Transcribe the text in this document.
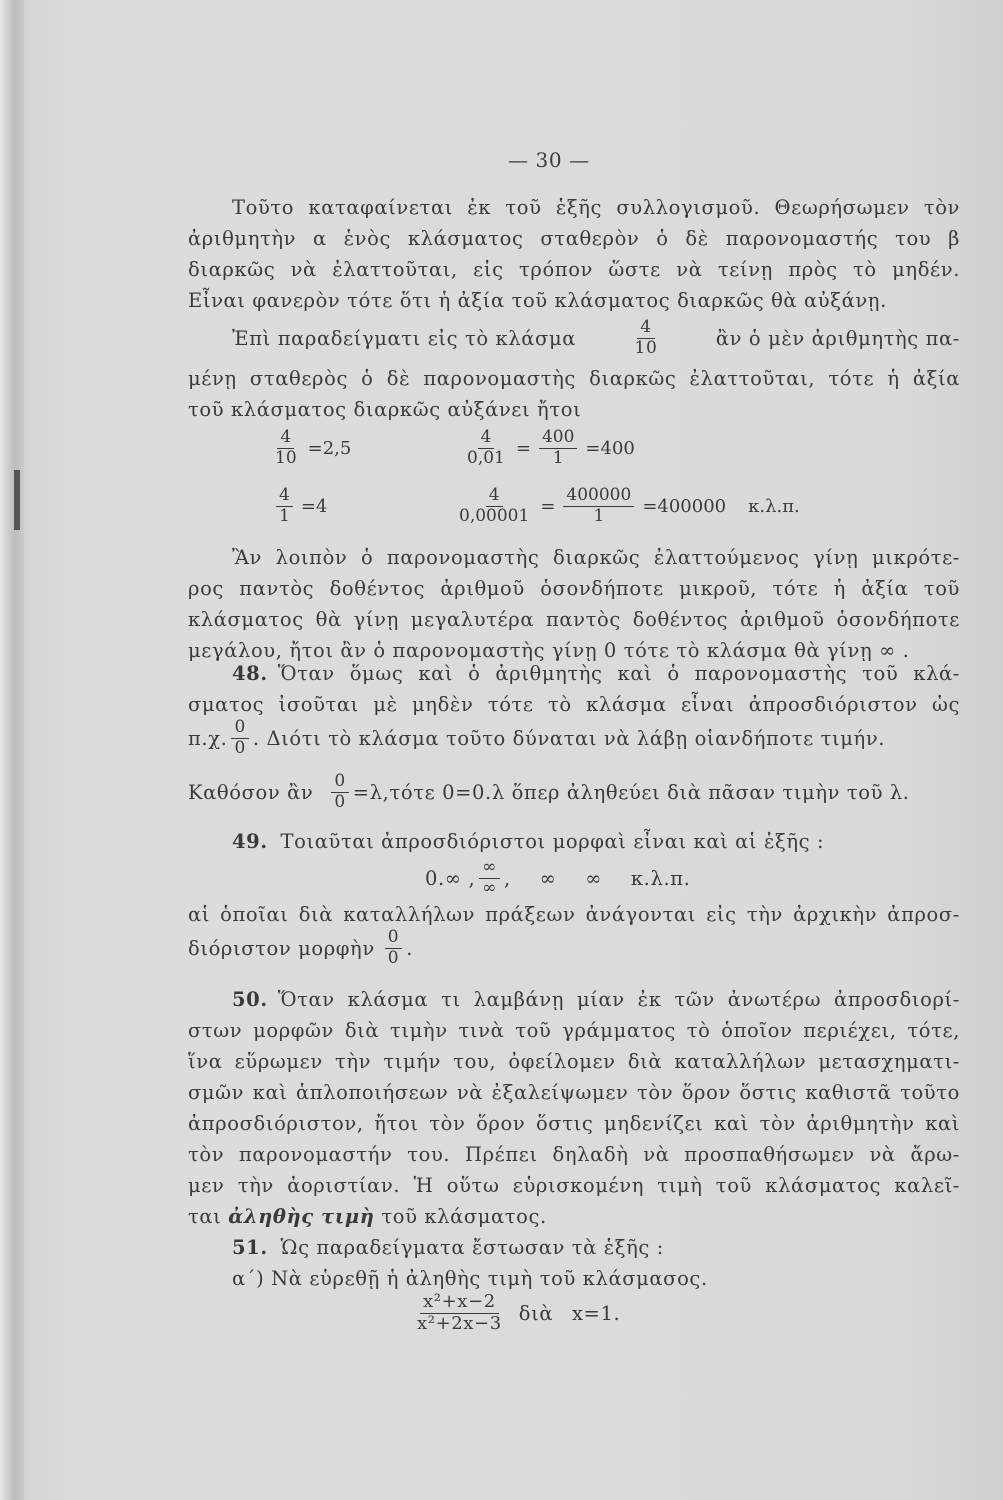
— 30 —
Τοῦτο καταφαίνεται ἐκ τοῦ ἑξῆς συλλογισμοῦ. Θεωρήσωμεν τὸν
ἀριθμητὴν α ἑνὸς κλάσματος σταθερὸν ὁ δὲ παρονομαστής του β
διαρκῶς νὰ ἐλαττοῦται, εἰς τρόπον ὥστε νὰ τείνῃ πρὸς τὸ μηδέν.
Εἶναι φανερὸν τότε ὅτι ἡ ἀξία τοῦ κλάσματος διαρκῶς θὰ αὐξάνῃ.
Ἐπὶ παραδείγματι εἰς τὸ κλάσμα	$\frac{4}{10}$	ἂν ὁ μὲν ἀριθμητὴς πα-
μένῃ σταθερὸς ὁ δὲ παρονομαστὴς διαρκῶς ἐλαττοῦται, τότε ἡ ἀξία
τοῦ κλάσματος διαρκῶς αὐξάνει ἤτοι
$\frac{4}{10} =2,5$	$\frac{4}{0,01} = \frac{400}{1} =400$
$\frac{4}{1} =4$	$\frac{4}{0,00001} = \frac{400000}{1} =400000$ κ.λ.π.
Ἂν λοιπὸν ὁ παρονομαστὴς διαρκῶς ἐλαττούμενος γίνῃ μικρότε-
ρος παντὸς δοθέντος ἀριθμοῦ ὁσονδήποτε μικροῦ, τότε ἡ ἀξία τοῦ
κλάσματος θὰ γίνῃ μεγαλυτέρα παντὸς δοθέντος ἀριθμοῦ ὁσονδήποτε
μεγάλου, ἤτοι ἂν ὁ παρονομαστὴς γίνῃ 0 τότε τὸ κλάσμα θὰ γίνῃ ∞ .
48. Ὅταν ὅμως καὶ ὁ ἀριθμητὴς καὶ ὁ παρονομαστὴς τοῦ κλά-
σματος ἰσοῦται μὲ μηδὲν τότε τὸ κλάσμα εἶναι ἀπροσδιόριστον ὡς
π.χ. $\frac{0}{0}$ . Διότι τὸ κλάσμα τοῦτο δύναται νὰ λάβῃ οἱανδήποτε τιμήν.
Καθόσον ἂν $\frac{0}{0} =\lambda,\tau ό\tau\varepsilon$ 0=0.λ ὅπερ ἀληθεύει διὰ πᾶσαν τιμὴν τοῦ λ.
49. Τοιαῦται ἀπροσδιόριστοι μορφαὶ εἶναι καὶ αἱ ἑξῆς :
0.∞ , $\frac{\infty}{\infty}$ , ∞ ∞ κ.λ.π.
αἱ ὁποῖαι διὰ καταλλήλων πράξεων ἀνάγονται εἰς τὴν ἀρχικὴν ἀπροσ-
διόριστον μορφὴν $\frac{0}{0}$ .
50. Ὅταν κλάσμα τι λαμβάνῃ μίαν ἐκ τῶν ἀνωτέρω ἀπροσδιορί-
στων μορφῶν διὰ τιμὴν τινὰ τοῦ γράμματος τὸ ὁποῖον περιέχει, τότε,
ἵνα εὕρωμεν τὴν τιμήν του, ὀφείλομεν διὰ καταλλήλων μετασχηματι-
σμῶν καὶ ἁπλοποιήσεων νὰ ἐξαλείψωμεν τὸν ὅρον ὅστις καθιστᾶ τοῦτο
ἀπροσδιόριστον, ἤτοι τὸν ὅρον ὅστις μηδενίζει καὶ τὸν ἀριθμητὴν καὶ
τὸν παρονομαστήν του. Πρέπει δηλαδὴ νὰ προσπαθήσωμεν νὰ ἄρω-
μεν τὴν ἀοριστίαν. Ἡ οὕτω εὑρισκομένη τιμὴ τοῦ κλάσματος καλεῖ-
ται ἀληθὴς τιμὴ τοῦ κλάσματος.
51. Ὡς παραδείγματα ἔστωσαν τὰ ἑξῆς :
α΄) Νὰ εὑρεθῇ ἡ ἀληθὴς τιμὴ τοῦ κλάσμασος.
$\frac{\text{x²+x−2}}{\text{x²+2x−3}}$ διὰ x=1.
